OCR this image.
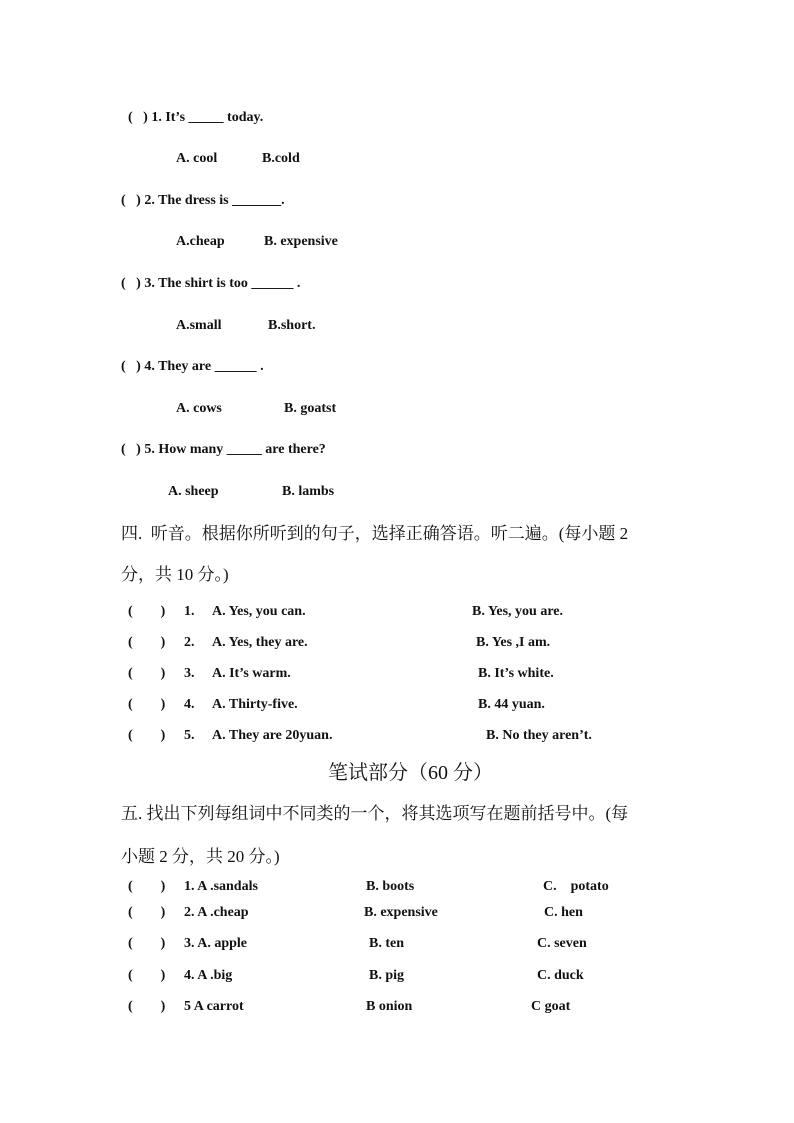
(   ) 1. It’s _____ today.
A. cool	B.cold
(   ) 2. The dress is _______.
A.cheap	B. expensive
(   ) 3. The shirt is too ______ .
A.small	B.short.
(   ) 4. They are ______ .
A. cows	B. goatst
(   ) 5. How many _____ are there?
A. sheep	B. lambs
四.  听音。根据你所听到的句子，选择正确答语。听二遍。(每小题 2
分，共 10 分。)
(        ) 1. A. Yes, you can.	B. Yes, you are.
(        ) 2. A. Yes, they are.	B. Yes ,I am.
(        ) 3. A. It’s warm.	B. It’s white.
(        ) 4. A. Thirty-five.	B. 44 yuan.
(        ) 5. A. They are 20yuan.	B. No they aren’t.
笔试部分（60 分）
五. 找出下列每组词中不同类的一个，将其选项写在题前括号中。(每
小题 2 分，共 20 分。)
(        ) 1. A .sandals	B. boots	C.    potato
(        ) 2. A .cheap	B. expensive	C. hen
(        ) 3. A. apple	B. ten	C. seven
(        ) 4. A .big	B. pig	C. duck
(        ) 5 A carrot	B onion	C goat
